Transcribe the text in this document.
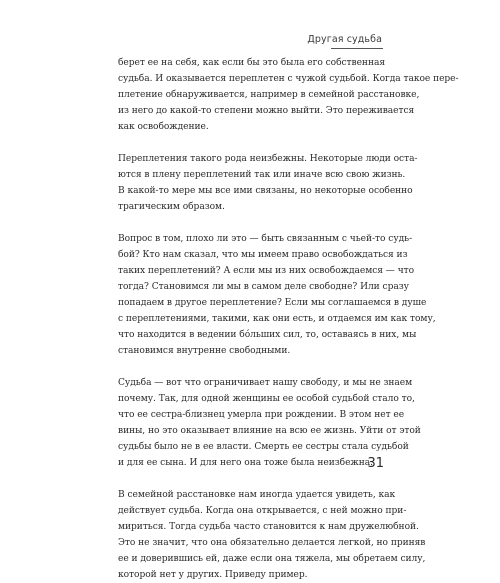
Другая судьба
берет ее на себя, как если бы это была его собственная
судьба. И оказывается переплетен с чужой судьбой. Когда такое пере-
плетение обнаруживается, например в семейной расстановке,
из него до какой-то степени можно выйти. Это переживается
как освобождение.
Переплетения такого рода неизбежны. Некоторые люди оста-
ются в плену переплетений так или иначе всю свою жизнь.
В какой-то мере мы все ими связаны, но некоторые особенно
трагическим образом.
Вопрос в том, плохо ли это — быть связанным с чьей-то судь-
бой? Кто нам сказал, что мы имеем право освобождаться из
таких переплетений? А если мы из них освобождаемся — что
тогда? Становимся ли мы в самом деле свободне? Или сразу
попадаем в другое переплетение? Если мы соглашаемся в душе
с переплетениями, такими, как они есть, и отдаемся им как тому,
что находится в ведении бо́льших сил, то, оставаясь в них, мы
становимся внутренне свободными.
Судьба — вот что ограничивает нашу свободу, и мы не знаем
почему. Так, для одной женщины ее особой судьбой стало то,
что ее сестра-близнец умерла при рождении. В этом нет ее
вины, но это оказывает влияние на всю ее жизнь. Уйти от этой
судьбы было не в ее власти. Смерть ее сестры стала судьбой
и для ее сына. И для него она тоже была неизбежна.
В семейной расстановке нам иногда удается увидеть, как
действует судьба. Когда она открывается, с ней можно при-
мириться. Тогда судьба часто становится к нам дружелюбной.
Это не значит, что она обязательно делается легкой, но приняв
ее и доверившись ей, даже если она тяжела, мы обретаем силу,
которой нет у других. Приведу пример.
31
